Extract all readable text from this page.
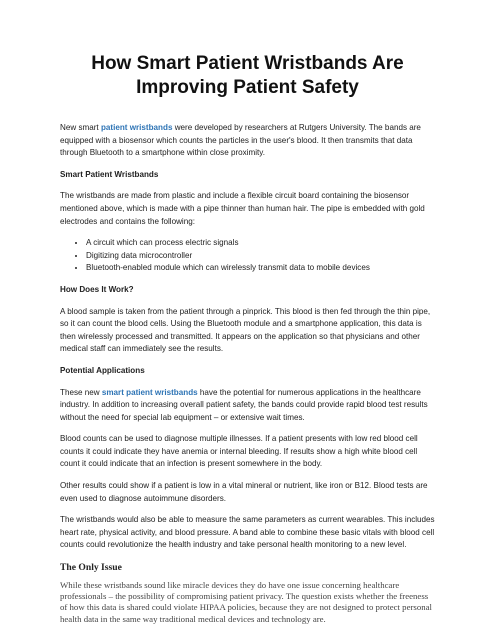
How Smart Patient Wristbands Are Improving Patient Safety

New smart patient wristbands were developed by researchers at Rutgers University. The bands are equipped with a biosensor which counts the particles in the user's blood. It then transmits that data through Bluetooth to a smartphone within close proximity.

Smart Patient Wristbands

The wristbands are made from plastic and include a flexible circuit board containing the biosensor mentioned above, which is made with a pipe thinner than human hair. The pipe is embedded with gold electrodes and contains the following:

• A circuit which can process electric signals
• Digitizing data microcontroller
• Bluetooth-enabled module which can wirelessly transmit data to mobile devices

How Does It Work?

A blood sample is taken from the patient through a pinprick. This blood is then fed through the thin pipe, so it can count the blood cells. Using the Bluetooth module and a smartphone application, this data is then wirelessly processed and transmitted. It appears on the application so that physicians and other medical staff can immediately see the results.

Potential Applications

These new smart patient wristbands have the potential for numerous applications in the healthcare industry. In addition to increasing overall patient safety, the bands could provide rapid blood test results without the need for special lab equipment – or extensive wait times.

Blood counts can be used to diagnose multiple illnesses. If a patient presents with low red blood cell counts it could indicate they have anemia or internal bleeding. If results show a high white blood cell count it could indicate that an infection is present somewhere in the body.

Other results could show if a patient is low in a vital mineral or nutrient, like iron or B12. Blood tests are even used to diagnose autoimmune disorders.

The wristbands would also be able to measure the same parameters as current wearables. This includes heart rate, physical activity, and blood pressure. A band able to combine these basic vitals with blood cell counts could revolutionize the health industry and take personal health monitoring to a new level.

The Only Issue

While these wristbands sound like miracle devices they do have one issue concerning healthcare professionals – the possibility of compromising patient privacy. The question exists whether the freeness of how this data is shared could violate HIPAA policies, because they are not designed to protect personal health data in the same way traditional medical devices and technology are.
